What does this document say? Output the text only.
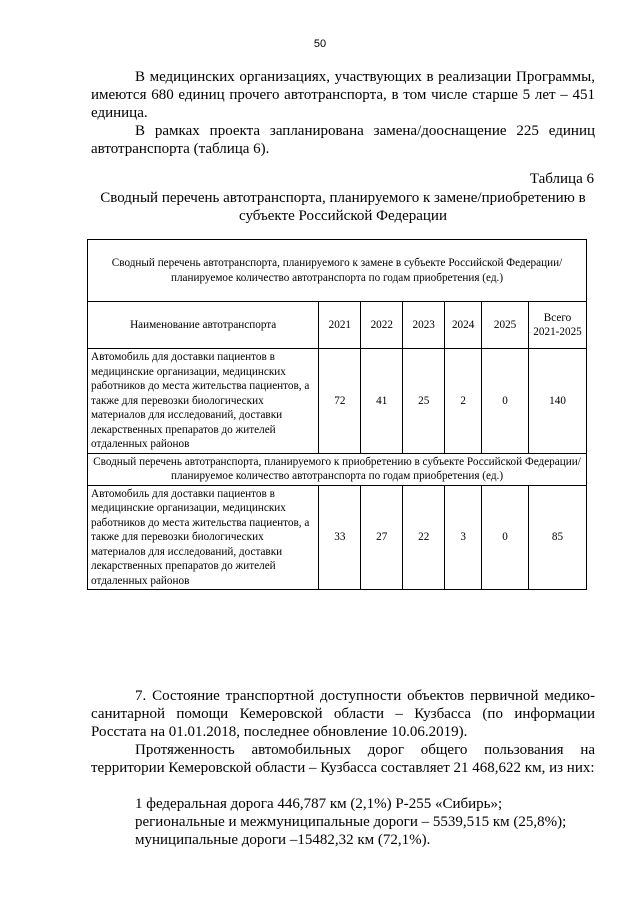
50
В медицинских организациях, участвующих в реализации Программы, имеются 680 единиц прочего автотранспорта, в том числе старше 5 лет – 451 единица.
В рамках проекта запланирована замена/дооснащение 225 единиц автотранспорта (таблица 6).
Таблица 6
Сводный перечень автотранспорта, планируемого к замене/приобретению в субъекте Российской Федерации
Сводный перечень автотранспорта, планируемого к замене в субъекте Российской Федерации/планируемое количество автотранспорта по годам приобретения (ед.)						
Наименование автотранспорта	2021	2022	2023	2024	2025	Всего 2021-2025
Автомобиль для доставки пациентов в медицинские организации, медицинских работников до места жительства пациентов, а также для перевозки биологических материалов для исследований, доставки лекарственных препаратов до жителей отдаленных районов	72	41	25	2	0	140
Сводный перечень автотранспорта, планируемого к приобретению в субъекте Российской Федерации/планируемое количество автотранспорта по годам приобретения (ед.)						
Автомобиль для доставки пациентов в медицинские организации, медицинских работников до места жительства пациентов, а также для перевозки биологических материалов для исследований, доставки лекарственных препаратов до жителей отдаленных районов	33	27	22	3	0	85
7. Состояние транспортной доступности объектов первичной медико-санитарной помощи Кемеровской области – Кузбасса (по информации Росстата на 01.01.2018, последнее обновление 10.06.2019).
Протяженность автомобильных дорог общего пользования на территории Кемеровской области – Кузбасса составляет 21 468,622 км, из них:
1 федеральная дорога 446,787 км (2,1%) Р-255 «Сибирь»;
региональные и межмуниципальные дороги – 5539,515 км (25,8%);
муниципальные дороги –15482,32 км (72,1%).
